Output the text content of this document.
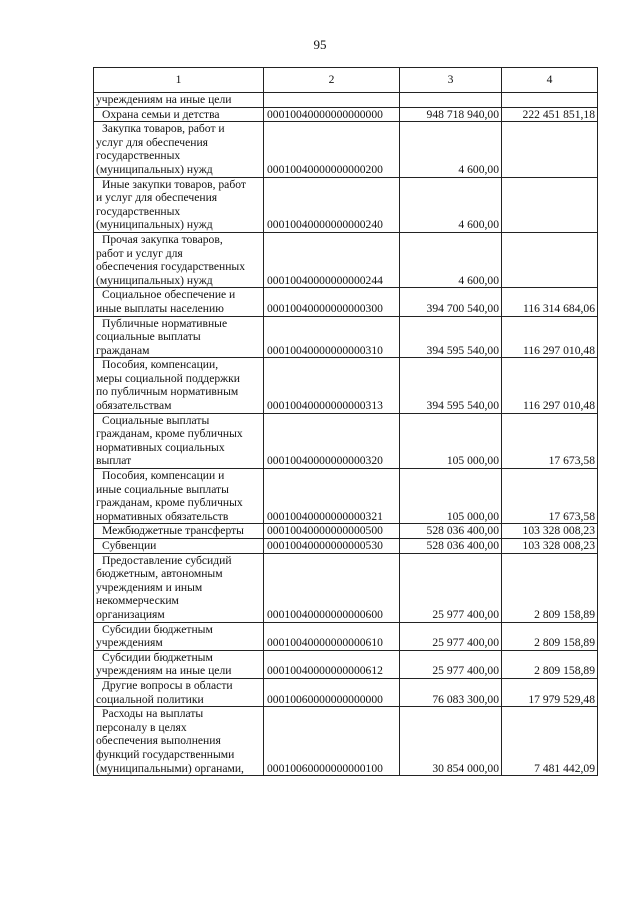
95
1	2	3	4

учреждениям на иные цели			

Охрана семьи и детства	00010040000000000000	948 718 940,00	222 451 851,18

Закупка товаров, работ и
услуг для обеспечения
государственных
(муниципальных) нужд	00010040000000000200	4 600,00	

Иные закупки товаров, работ
и услуг для обеспечения
государственных
(муниципальных) нужд	00010040000000000240	4 600,00	

Прочая закупка товаров,
работ и услуг для
обеспечения государственных
(муниципальных) нужд	00010040000000000244	4 600,00	

Социальное обеспечение и
иные выплаты населению	00010040000000000300	394 700 540,00	116 314 684,06

Публичные нормативные
социальные выплаты
гражданам	00010040000000000310	394 595 540,00	116 297 010,48

Пособия, компенсации,
меры социальной поддержки
по публичным нормативным
обязательствам	00010040000000000313	394 595 540,00	116 297 010,48

Социальные выплаты
гражданам, кроме публичных
нормативных социальных
выплат	00010040000000000320	105 000,00	17 673,58

Пособия, компенсации и
иные социальные выплаты
гражданам, кроме публичных
нормативных обязательств	00010040000000000321	105 000,00	17 673,58

Межбюджетные трансферты	00010040000000000500	528 036 400,00	103 328 008,23

Субвенции	00010040000000000530	528 036 400,00	103 328 008,23

Предоставление субсидий
бюджетным, автономным
учреждениям и иным
некоммерческим
организациям	00010040000000000600	25 977 400,00	2 809 158,89

Субсидии бюджетным
учреждениям	00010040000000000610	25 977 400,00	2 809 158,89

Субсидии бюджетным
учреждениям на иные цели	00010040000000000612	25 977 400,00	2 809 158,89

Другие вопросы в области
социальной политики	00010060000000000000	76 083 300,00	17 979 529,48

Расходы на выплаты
персоналу в целях
обеспечения выполнения
функций государственными
(муниципальными) органами,	00010060000000000100	30 854 000,00	7 481 442,09
